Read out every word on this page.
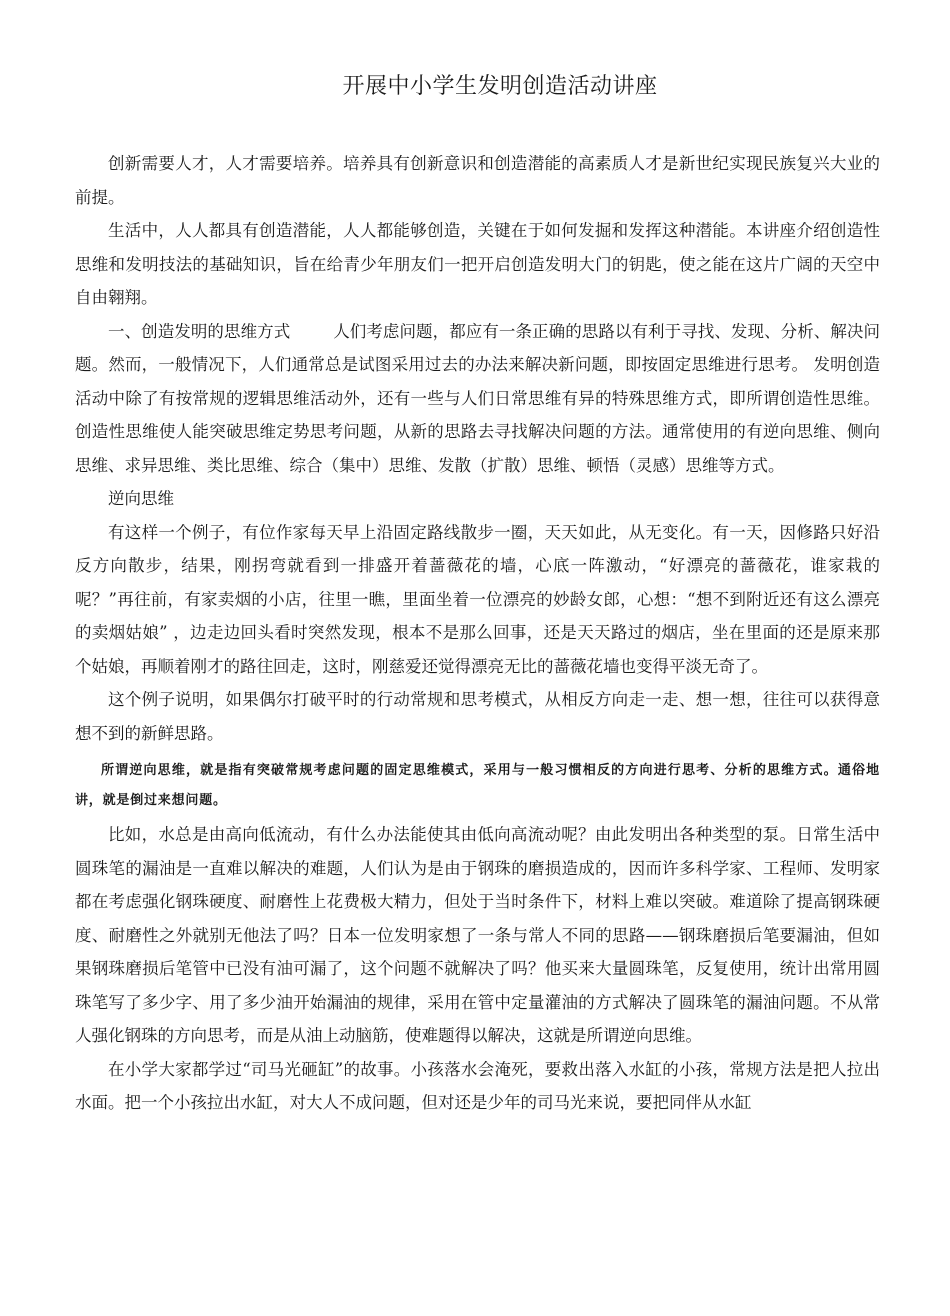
开展中小学生发明创造活动讲座

创新需要人才，人才需要培养。培养具有创新意识和创造潜能的高素质人才是新世纪实现民族复兴大业的前提。

生活中，人人都具有创造潜能，人人都能够创造，关键在于如何发掘和发挥这种潜能。本讲座介绍创造性思维和发明技法的基础知识，旨在给青少年朋友们一把开启创造发明大门的钥匙，使之能在这片广阔的天空中自由翱翔。

一、创造发明的思维方式	人们考虑问题，都应有一条正确的思路以有利于寻找、发现、分析、解决问题。然而，一般情况下，人们通常总是试图采用过去的办法来解决新问题，即按固定思维进行思考。 发明创造活动中除了有按常规的逻辑思维活动外，还有一些与人们日常思维有异的特殊思维方式，即所谓创造性思维。创造性思维使人能突破思维定势思考问题，从新的思路去寻找解决问题的方法。通常使用的有逆向思维、侧向思维、求异思维、类比思维、综合（集中）思维、发散（扩散）思维、顿悟（灵感）思维等方式。

逆向思维

有这样一个例子，有位作家每天早上沿固定路线散步一圈，天天如此，从无变化。有一天，因修路只好沿反方向散步，结果，刚拐弯就看到一排盛开着蔷薇花的墙，心底一阵激动，“好漂亮的蔷薇花，谁家栽的呢？”再往前，有家卖烟的小店，往里一瞧，里面坐着一位漂亮的妙龄女郎，心想：“想不到附近还有这么漂亮的卖烟姑娘” ，边走边回头看时突然发现，根本不是那么回事，还是天天路过的烟店，坐在里面的还是原来那个姑娘，再顺着刚才的路往回走，这时，刚慈爱还觉得漂亮无比的蔷薇花墙也变得平淡无奇了。

这个例子说明，如果偶尔打破平时的行动常规和思考模式，从相反方向走一走、想一想，往往可以获得意想不到的新鲜思路。

所谓逆向思维，就是指有突破常规考虑问题的固定思维模式，采用与一般习惯相反的方向进行思考、分析的思维方式。通俗地讲，就是倒过来想问题。

比如，水总是由高向低流动，有什么办法能使其由低向高流动呢？由此发明出各种类型的泵。日常生活中圆珠笔的漏油是一直难以解决的难题，人们认为是由于钢珠的磨损造成的，因而许多科学家、工程师、发明家都在考虑强化钢珠硬度、耐磨性上花费极大精力，但处于当时条件下，材料上难以突破。难道除了提高钢珠硬度、耐磨性之外就别无他法了吗？日本一位发明家想了一条与常人不同的思路——钢珠磨损后笔要漏油，但如果钢珠磨损后笔管中已没有油可漏了，这个问题不就解决了吗？他买来大量圆珠笔，反复使用，统计出常用圆珠笔写了多少字、用了多少油开始漏油的规律，采用在管中定量灌油的方式解决了圆珠笔的漏油问题。不从常人强化钢珠的方向思考，而是从油上动脑筋，使难题得以解决，这就是所谓逆向思维。

在小学大家都学过“司马光砸缸”的故事。小孩落水会淹死，要救出落入水缸的小孩，常规方法是把人拉出水面。把一个小孩拉出水缸，对大人不成问题，但对还是少年的司马光来说，要把同伴从水缸
